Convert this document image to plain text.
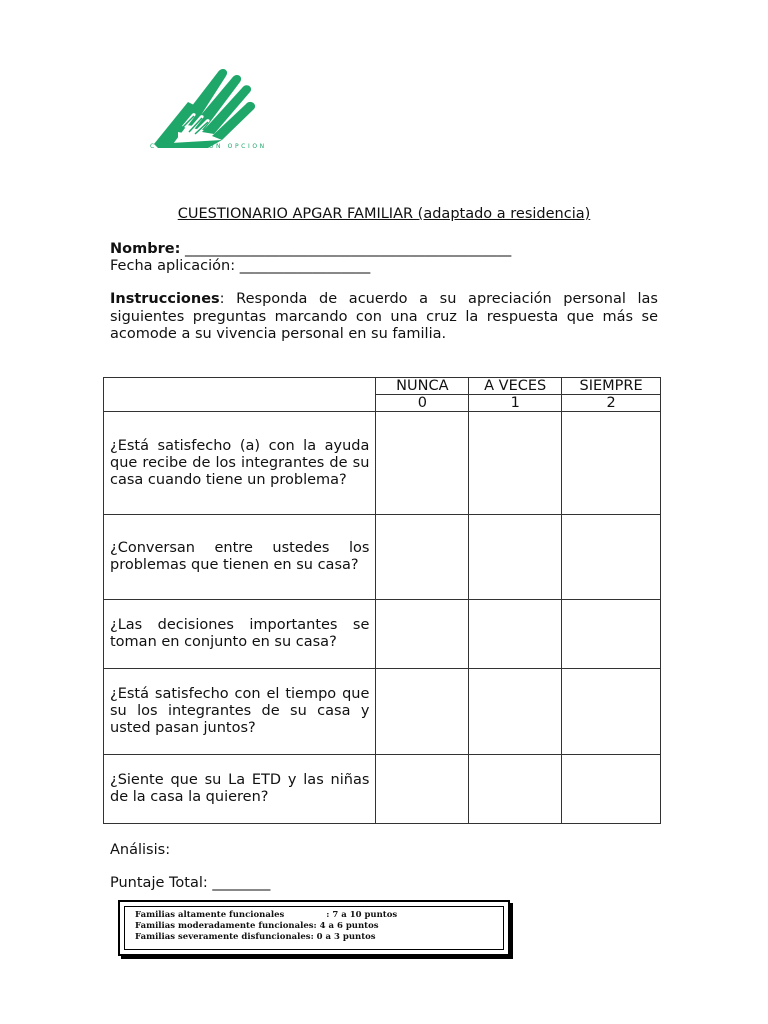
CORPORACION OPCION
CUESTIONARIO APGAR FAMILIAR (adaptado a residencia)
Nombre: _____________________________________________
Fecha aplicación: __________________
Instrucciones: Responda de acuerdo a su apreciación personal las siguientes preguntas marcando con una cruz la respuesta que más se acomode a su vivencia personal en su familia.
	NUNCA	A VECES	SIEMPRE
	0	1	2
¿Está satisfecho (a) con la ayuda que recibe de los integrantes de su casa cuando tiene un problema?			
¿Conversan entre ustedes los problemas que tienen en su casa?			
¿Las decisiones importantes se toman en conjunto en su casa?			
¿Está satisfecho con el tiempo que su los integrantes de su casa y usted pasan juntos?			
¿Siente que su La ETD y las niñas de la casa la quieren?			
Análisis:
Puntaje Total: ________
Familias altamente funcionales	: 7 a 10 puntos
Familias moderadamente funcionales: 4 a 6 puntos
Familias severamente disfuncionales: 0 a 3 puntos
